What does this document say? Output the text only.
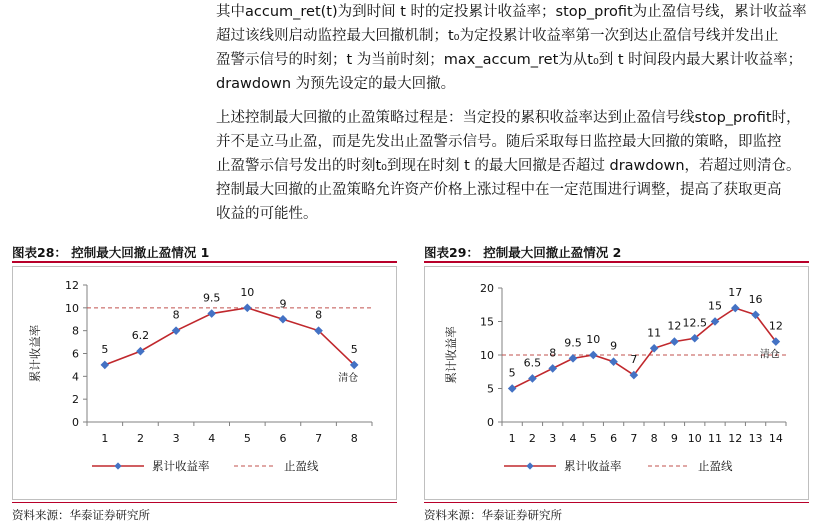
其中accum_ret(t)为到时间 t 时的定投累计收益率；stop_profit为止盈信号线，累计收益率

超过该线则启动监控最大回撤机制；t₀为定投累计收益率第一次到达止盈信号线并发出止

盈警示信号的时刻；t 为当前时刻；max_accum_ret为从t₀到 t 时间段内最大累计收益率；

drawdown 为预先设定的最大回撤。

上述控制最大回撤的止盈策略过程是：当定投的累积收益率达到止盈信号线stop_profit时，

并不是立马止盈，而是先发出止盈警示信号。随后采取每日监控最大回撤的策略，即监控

止盈警示信号发出的时刻t₀到现在时刻 t 的最大回撤是否超过 drawdown，若超过则清仓。

控制最大回撤的止盈策略允许资产价格上涨过程中在一定范围进行调整，提高了获取更高

收益的可能性。

图表28： 控制最大回撤止盈情况 1	图表29： 控制最大回撤止盈情况 2
0
2
4
6
8
10
12
1	2	3	4	5	6	7	8
累计收益率	5
6.2
8
9.5 10
9
8
5
清仓
累计收益率	止盈线
0
5
10
15
20
1 2 3 4 5 6 7 8 9 10 11 12 13 14
累计收益率	5
6.5
8
9.5 10
9
7
11
12 12.5
15
17
16
12
清仓
累计收益率	止盈线
资料来源：华泰证券研究所	资料来源：华泰证券研究所
